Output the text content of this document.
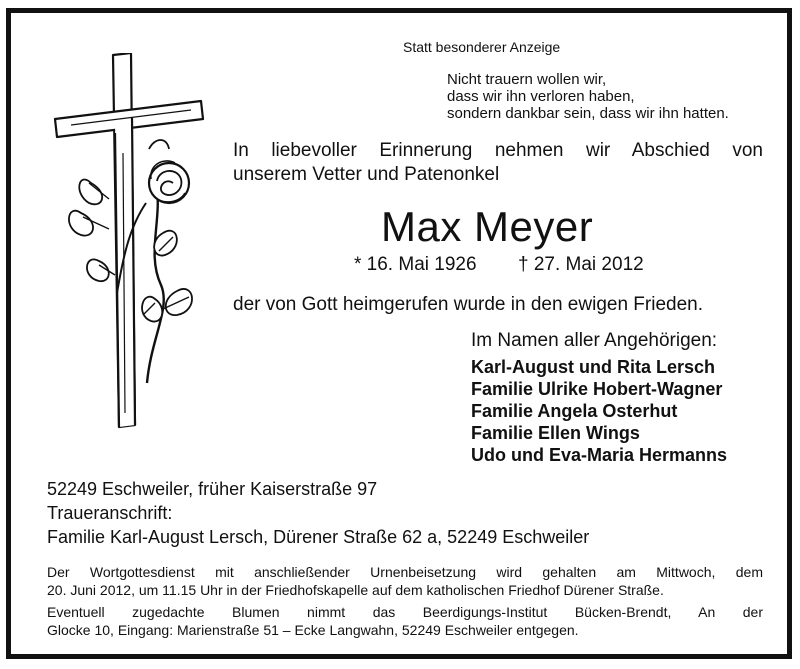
Statt besonderer Anzeige
Nicht trauern wollen wir,
dass wir ihn verloren haben,
sondern dankbar sein, dass wir ihn hatten.
In liebevoller Erinnerung nehmen wir Abschied von
unserem Vetter und Patenonkel
Max Meyer
* 16. Mai 1926 † 27. Mai 2012
der von Gott heimgerufen wurde in den ewigen Frieden.
Im Namen aller Angehörigen:
Karl-August und Rita Lersch
Familie Ulrike Hobert-Wagner
Familie Angela Osterhut
Familie Ellen Wings
Udo und Eva-Maria Hermanns
52249 Eschweiler, früher Kaiserstraße 97
Traueranschrift:
Familie Karl-August Lersch, Dürener Straße 62 a, 52249 Eschweiler
Der Wortgottesdienst mit anschließender Urnenbeisetzung wird gehalten am Mittwoch, dem
20. Juni 2012, um 11.15 Uhr in der Friedhofskapelle auf dem katholischen Friedhof Dürener Straße.
Eventuell zugedachte Blumen nimmt das Beerdigungs-Institut Bücken-Brendt, An der
Glocke 10, Eingang: Marienstraße 51 – Ecke Langwahn, 52249 Eschweiler entgegen.
